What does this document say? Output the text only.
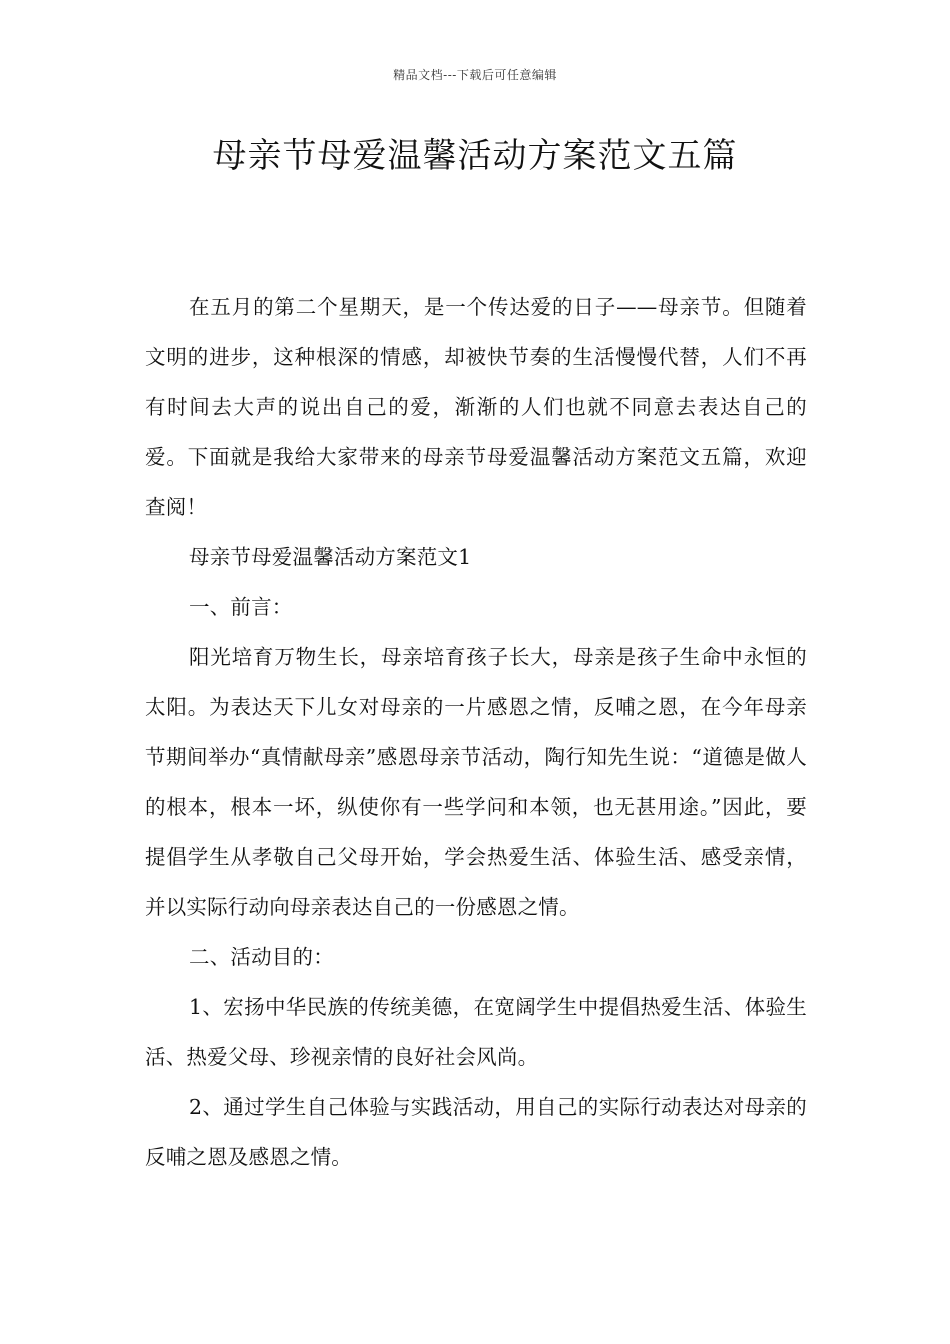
精品文档---下载后可任意编辑
母亲节母爱温馨活动方案范文五篇

在五月的第二个星期天，是一个传达爱的日子——母亲节。但随着文明的进步，这种根深的情感，却被快节奏的生活慢慢代替，人们不再有时间去大声的说出自己的爱，渐渐的人们也就不同意去表达自己的爱。下面就是我给大家带来的母亲节母爱温馨活动方案范文五篇，欢迎查阅！

母亲节母爱温馨活动方案范文1

一、前言：

阳光培育万物生长，母亲培育孩子长大，母亲是孩子生命中永恒的太阳。为表达天下儿女对母亲的一片感恩之情，反哺之恩，在今年母亲节期间举办“真情献母亲”感恩母亲节活动，陶行知先生说：“道德是做人的根本，根本一坏，纵使你有一些学问和本领，也无甚用途。”因此，要提倡学生从孝敬自己父母开始，学会热爱生活、体验生活、感受亲情，并以实际行动向母亲表达自己的一份感恩之情。

二、活动目的：

1、宏扬中华民族的传统美德，在宽阔学生中提倡热爱生活、体验生活、热爱父母、珍视亲情的良好社会风尚。

2、通过学生自己体验与实践活动，用自己的实际行动表达对母亲的反哺之恩及感恩之情。
